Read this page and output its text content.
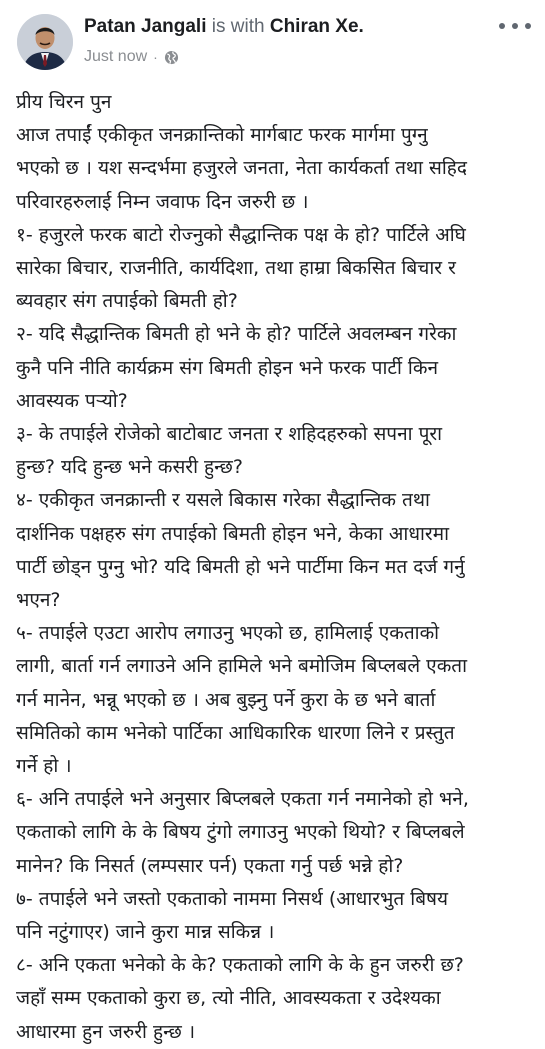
Patan Jangali is with Chiran Xe.
Just now ·

प्रीय चिरन पुन

आज तपाईं एकीकृत जनक्रान्तिको मार्गबाट फरक मार्गमा पुग्नु

भएको छ । यश सन्दर्भमा हजुरले जनता, नेता कार्यकर्ता तथा सहिद

परिवारहरुलाई निम्न जवाफ दिन जरुरी छ ।

१- हजुरले फरक बाटो रोज्नुको सैद्धान्तिक पक्ष के हो? पार्टिले अघि

सारेका बिचार, राजनीति, कार्यदिशा, तथा हाम्रा बिकसित बिचार र

ब्यवहार संग तपाईको बिमती हो?

२- यदि सैद्धान्तिक बिमती हो भने के हो? पार्टिले अवलम्बन गरेका

कुनै पनि नीति कार्यक्रम संग बिमती होइन भने फरक पार्टी किन

आवस्यक पऱ्यो?

३- के तपाईले रोजेको बाटोबाट जनता र शहिदहरुको सपना पूरा

हुन्छ? यदि हुन्छ भने कसरी हुन्छ?

४- एकीकृत जनक्रान्ती र यसले बिकास गरेका सैद्धान्तिक तथा

दार्शनिक पक्षहरु संग तपाईको बिमती होइन भने, केका आधारमा

पार्टी छोड्न पुग्नु भो? यदि बिमती हो भने पार्टीमा किन मत दर्ज गर्नु

भएन?

५- तपाईले एउटा आरोप लगाउनु भएको छ, हामिलाई एकताको

लागी, बार्ता गर्न लगाउने अनि हामिले भने बमोजिम बिप्लबले एकता

गर्न मानेन, भन्नू भएको छ । अब बुझ्नु पर्ने कुरा के छ भने बार्ता

समितिको काम भनेको पार्टिका आधिकारिक धारणा लिने र प्रस्तुत

गर्ने हो ।

६- अनि तपाईले भने अनुसार बिप्लबले एकता गर्न नमानेको हो भने,

एकताको लागि के के बिषय टुंगो लगाउनु भएको थियो? र बिप्लबले

मानेन? कि निसर्त (लम्पसार पर्न) एकता गर्नु पर्छ भन्ने हो?

७- तपाईले भने जस्तो एकताको नाममा निसर्थ (आधारभुत बिषय

पनि नटुंगाएर) जाने कुरा मान्न सकिन्न ।

८- अनि एकता भनेको के के? एकताको लागि के के हुन जरुरी छ?

जहाँ सम्म एकताको कुरा छ, त्यो नीति, आवस्यकता र उदेश्यका

आधारमा हुन जरुरी हुन्छ ।
